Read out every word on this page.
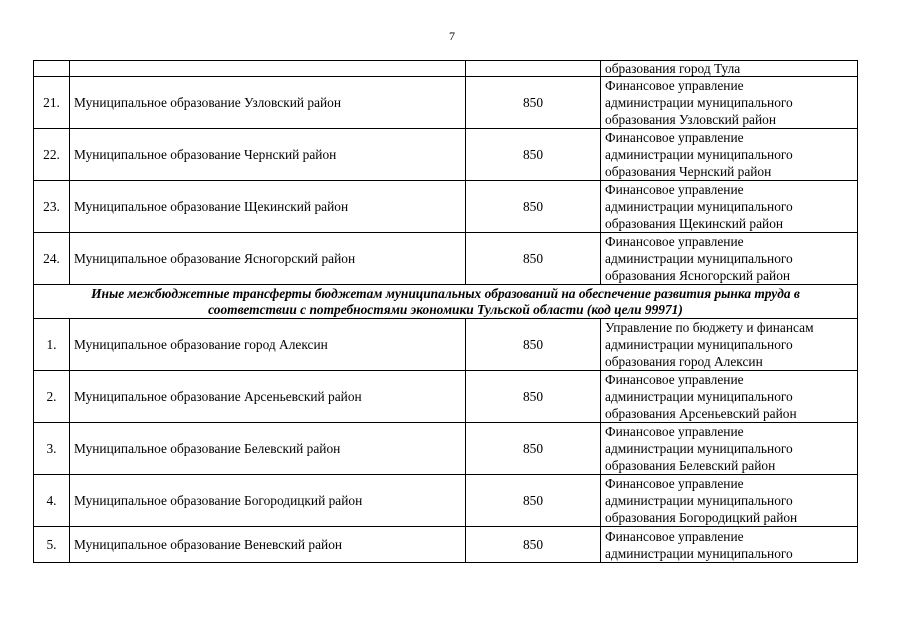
7
			образования город Тула
21.	Муниципальное образование Узловский район	850	Финансовое управление
администрации муниципального
образования Узловский район
22.	Муниципальное образование Чернский район	850	Финансовое управление
администрации муниципального
образования Чернский район
23.	Муниципальное образование Щекинский район	850	Финансовое управление
администрации муниципального
образования Щекинский район
24.	Муниципальное образование Ясногорский район	850	Финансовое управление
администрации муниципального
образования Ясногорский район
Иные межбюджетные трансферты бюджетам муниципальных образований на обеспечение развития рынка труда в
соответствии с потребностями экономики Тульской области (код цели 99971)			
1.	Муниципальное образование город Алексин	850	Управление по бюджету и финансам
администрации муниципального
образования город Алексин
2.	Муниципальное образование Арсеньевский район	850	Финансовое управление
администрации муниципального
образования Арсеньевский район
3.	Муниципальное образование Белевский район	850	Финансовое управление
администрации муниципального
образования Белевский район
4.	Муниципальное образование Богородицкий район	850	Финансовое управление
администрации муниципального
образования Богородицкий район
5.	Муниципальное образование Веневский район	850	Финансовое управление
администрации муниципального
